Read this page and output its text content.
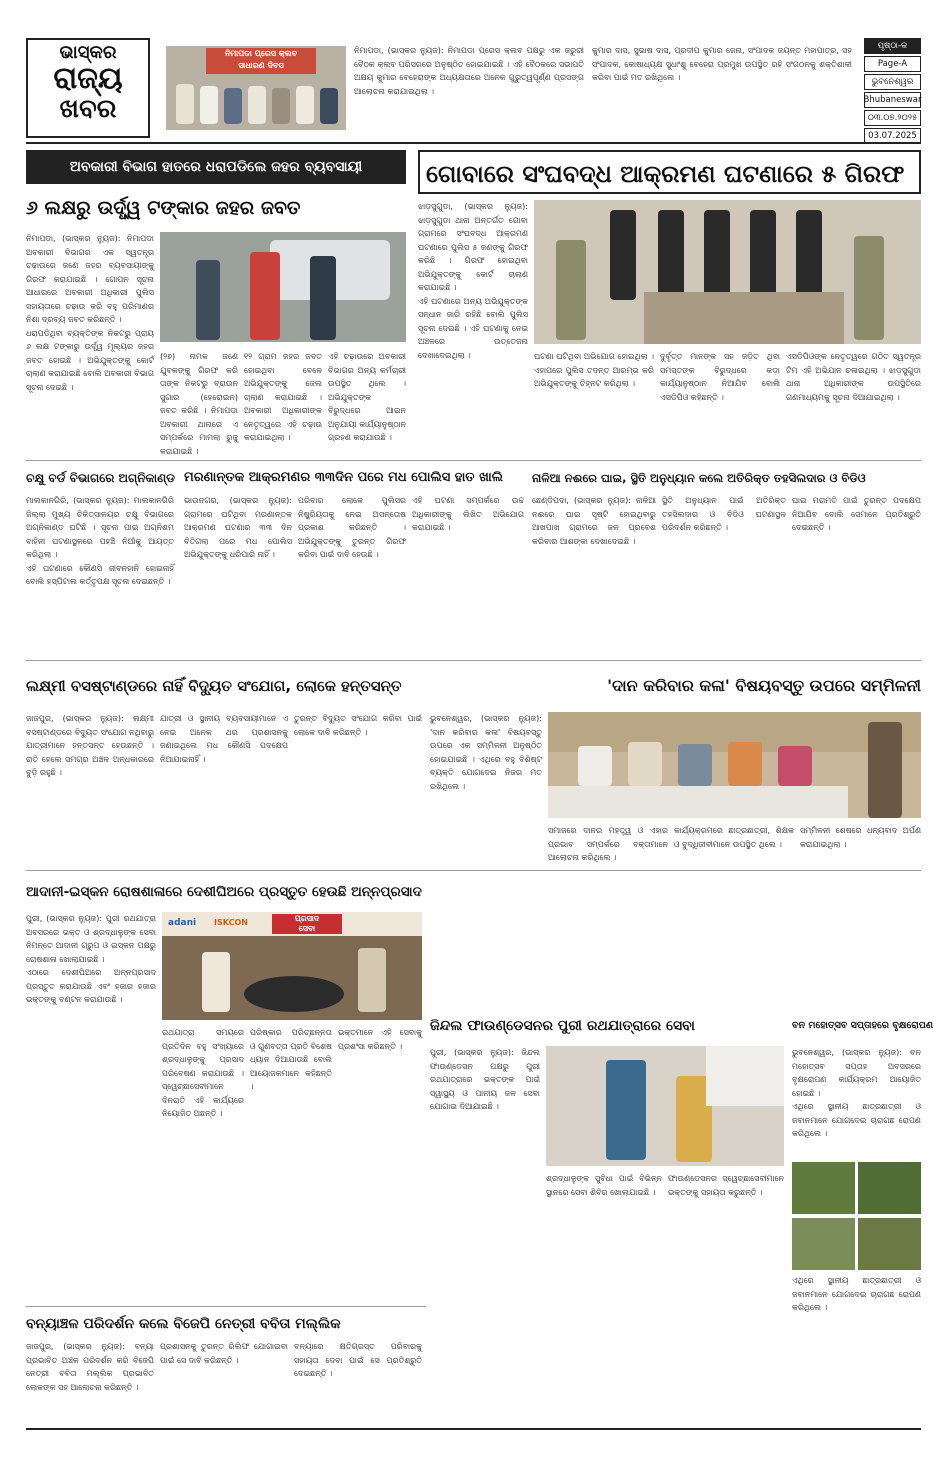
ଭାସ୍କର
ରାଜ୍ୟ
ଖବର
ନିମାପଡା ପ୍ରେସ କ୍ଲବ
ସାଧାରଣ ଦିବସ

ନିମାପଡା, (ଭାସ୍କର ନ୍ୟୁଜ): ନିମାପଡା ପ୍ରେସ କ୍ଲବ ପକ୍ଷରୁ ଏକ ଜରୁରୀ ବୈଠକ କ୍ଲବ ପରିସରରେ ଅନୁଷ୍ଠିତ ହୋଇଯାଇଛି । ଏହି ବୈଠକରେ ସଭାପତି ଅକ୍ଷୟ କୁମାର ବେହେରାଙ୍କ ଅଧ୍ୟକ୍ଷତାରେ ଅନେକ ଗୁରୁତ୍ୱପୂର୍ଣ୍ଣ ପ୍ରସଙ୍ଗ ଆଲୋଚନା କରାଯାଇଥିଲା ।

କୁମାର ଦାସ, ସୁଭାଷ ଦାସ, ପ୍ରଦୀପ କୁମାର ଜେନା, ସଂପାଦକ ଜୟନ୍ତ ମହାପାତ୍ର, ସହ ସଂପାଦକ, କୋଷାଧ୍ୟକ୍ଷ ସୁଧାଂଶୁ ବେହେରା ପ୍ରମୁଖ ଉପସ୍ଥିତ ରହି ସଂଗଠନକୁ ଶକ୍ତିଶାଳୀ କରିବା ପାଇଁ ମତ ରଖିଥିଲେ ।

ପୃଷ୍ଠା-କ
Page-A
ଭୁବନେଶ୍ୱର
Bhubaneswar
୦୩.୦୭.୨୦୨୫
03.07.2025
ଅବକାରୀ ବିଭାଗ ହାତରେ ଧରାପଡିଲେ ଜହର ବ୍ୟବସାୟୀ
୬ ଲକ୍ଷରୁ ଉର୍ଦ୍ଧ୍ୱ ଟଙ୍କାର ଜହର ଜବତ

ନିମାପଡା, (ଭାସ୍କର ନ୍ୟୁଜ): ନିମାପଡା ଅବକାରୀ ବିଭାଗର ଏକ ସ୍ୱତନ୍ତ୍ର ଚଢ଼ାଉରେ ଜଣେ ଜହର ବ୍ୟବସାୟୀଙ୍କୁ ଗିରଫ କରାଯାଇଛି । ଗୋପନ ସୂଚନା ଆଧାରରେ ଅବକାରୀ ଅଧିକାରୀ ପୁଲିସ ସହାୟତାରେ ଚଢ଼ାଉ କରି ବହୁ ପରିମାଣର ନିଶା ଦ୍ରବ୍ୟ ଜବତ କରିଛନ୍ତି ।

ଧରାପଡିଥିବା ବ୍ୟକ୍ତିଙ୍କ ନିକଟରୁ ପ୍ରାୟ ୬ ଲକ୍ଷ ଟଙ୍କାରୁ ଉର୍ଦ୍ଧ୍ୱ ମୂଲ୍ୟର ଜହର ଜବତ ହୋଇଛି । ଅଭିଯୁକ୍ତଙ୍କୁ କୋର୍ଟ ଚାଲାଣ କରାଯାଇଛି ବୋଲି ଅବକାରୀ ବିଭାଗ ସୂଚନା ଦେଇଛି ।

(୨୭) ନାମକ ଜଣେ ଯୁବକଙ୍କୁ ଗିରଫ କରି ତାଙ୍କ ନିକଟରୁ ବ୍ରାଉନ ସୁଗାର (ହେରୋଇନ) ଜବତ କରିଛି । ନିମାପଡା ଅବକାରୀ ଥାନାରେ ଏ ସମ୍ପର୍କରେ ମାମଲା ରୁଜୁ କରାଯାଇଛି ।

୧୨ ଗ୍ରାମ ଜହର ଜବତ ହୋଇଥିବା ବେଳେ ଅଭିଯୁକ୍ତଙ୍କୁ ଜେଲ ଚାଲାଣ କରାଯାଇଛି । ଅବକାରୀ ଅଧିକାରୀଙ୍କ ନେତୃତ୍ୱରେ ଏହି ଚଢ଼ାଉ କରାଯାଇଥିଲା ।

ଏହି ଚଢ଼ାଉରେ ଅବକାରୀ ବିଭାଗର ଅନ୍ୟ କର୍ମଚାରୀ ଉପସ୍ଥିତ ଥିଲେ । ଅଭିଯୁକ୍ତଙ୍କ ବିରୁଦ୍ଧରେ ଆଇନ ଅନୁଯାୟୀ କାର୍ଯ୍ୟାନୁଷ୍ଠାନ ଗ୍ରହଣ କରାଯାଉଛି ।

ଗୋବାରେ ସଂଘବଦ୍ଧ ଆକ୍ରମଣ ଘଟଣାରେ ୫ ଗିରଫ

ଝାଡ଼ସୁଗୁଡା, (ଭାସ୍କର ନ୍ୟୁଜ): ଝାଡ଼ସୁଗୁଡା ଥାନା ଅନ୍ତର୍ଗତ ଗୋବା ଗ୍ରାମରେ ସଂଘବଦ୍ଧ ଆକ୍ରମଣ ଘଟଣାରେ ପୁଲିସ ୫ ଜଣଙ୍କୁ ଗିରଫ କରିଛି । ଗିରଫ ହୋଇଥିବା ଅଭିଯୁକ୍ତଙ୍କୁ କୋର୍ଟ ଚାଲାଣ କରାଯାଇଛି ।

ଏହି ଘଟଣାରେ ଅନ୍ୟ ଅଭିଯୁକ୍ତଙ୍କ ସନ୍ଧାନ ଜାରି ରହିଛି ବୋଲି ପୁଲିସ ସୂଚନା ଦେଇଛି । ଏହି ଘଟଣାକୁ ନେଇ ଅଞ୍ଚଳରେ ଉତ୍ତେଜନା ଦେଖାଦେଇଥିଲା ।	ଘଟଣା ଘଟିଥିବା ଅଭିଯୋଗ ହୋଇଥିଲା । ଏହାପରେ ପୁଲିସ ତଦନ୍ତ ଆରମ୍ଭ କରି ଅଭିଯୁକ୍ତଙ୍କୁ ଚିହ୍ନଟ କରିଥିଲା ।

ଦୁର୍ବୃତ୍ତ ମାନଙ୍କ ସହ ଜଡ଼ିତ ଥିବା ସମସ୍ତଙ୍କ ବିରୁଦ୍ଧରେ କଡ଼ା କାର୍ଯ୍ୟାନୁଷ୍ଠାନ ନିଆଯିବ ବୋଲି ଏସଡିପିଓ କହିଛନ୍ତି ।

ଏସଡିପିଓଙ୍କ ନେତୃତ୍ୱରେ ଗଠିତ ସ୍ୱତନ୍ତ୍ର ଟିମ ଏହି ଅଭିଯାନ ଚଳାଇଥିଲା । ଝାଡ଼ସୁଗୁଡା ଥାନା ଅଧିକାରୀଙ୍କ ଉପସ୍ଥିତିରେ ଗଣମାଧ୍ୟମକୁ ସୂଚନା ଦିଆଯାଇଥିଲା ।

ଚକ୍ଷୁ ବର୍ଡ ବିଭାଗରେ ଅଗ୍ନିକାଣ୍ଡ

ମାଲକାନଗିରି, (ଭାସ୍କର ନ୍ୟୁଜ): ମାଲକାନଗିରି ଜିଲ୍ଲା ମୁଖ୍ୟ ଚିକିତ୍ସାଳୟର ଚକ୍ଷୁ ବିଭାଗରେ ଅଗ୍ନିକାଣ୍ଡ ଘଟିଛି । ସୂଚନା ପାଇ ଅଗ୍ନିଶମ ବାହିନୀ ଘଟଣାସ୍ଥଳରେ ପହଞ୍ଚି ନିଆଁକୁ ଆୟତ୍ତ କରିଥିଲା ।

ଏହି ଘଟଣାରେ କୌଣସି ଜୀବନହାନି ହୋଇନାହିଁ ବୋଲି ହସ୍ପିଟାଲ କର୍ତ୍ତୃପକ୍ଷ ସୂଚନା ଦେଇଛନ୍ତି ।

ମରଣାନ୍ତକ ଆକ୍ରମଣର ୩୩ଦିନ ପରେ ମଧ ପୋଲିସ ହାତ ଖାଲି

ଭାଉନଗର, (ଭାସ୍କର ନ୍ୟୁଜ): ଗ୍ରାମରେ ଘଟିଥିବା ମରଣାନ୍ତକ ଆକ୍ରମଣ ଘଟଣାର ୩୩ ଦିନ ବିତିଗଲା ପରେ ମଧ ପୋଲିସ ଅଭିଯୁକ୍ତଙ୍କୁ ଧରିପାରି ନାହିଁ ।

ପରିବାର ଲୋକେ ପୁଲିସର ନିଷ୍କ୍ରିୟତାକୁ ନେଇ ଅସନ୍ତୋଷ ପ୍ରକାଶ କରିଛନ୍ତି । ଅଭିଯୁକ୍ତଙ୍କୁ ତୁରନ୍ତ ଗିରଫ କରିବା ପାଇଁ ଦାବି ହେଉଛି ।

ଏହି ଘଟଣା ସମ୍ପର୍କରେ ଉଚ୍ଚ ଅଧିକାରୀଙ୍କୁ ଲିଖିତ ଅଭିଯୋଗ କରାଯାଇଛି ।

ନାଳିଆ ନଈରେ ଘାଇ, ସ୍ଥିତି ଅନୁଧ୍ୟାନ କଲେ ଅତିରିକ୍ତ ତହସିଲଦାର ଓ ବିଡିଓ

ଛେଣ୍ଡିପଦା, (ଭାସ୍କର ନ୍ୟୁଜ): ନାଳିଆ ନଈରେ ଘାଇ ସୃଷ୍ଟି ହୋଇଥିବାରୁ ଆଖପାଖ ଗ୍ରାମରେ ଜଳ ପ୍ରବେଶ କରିବାର ଆଶଙ୍କା ଦେଖାଦେଇଛି ।

ସ୍ଥିତି ଅନୁଧ୍ୟାନ ପାଇଁ ଅତିରିକ୍ତ ତହସିଲଦାର ଓ ବିଡିଓ ଘଟଣାସ୍ଥଳ ପରିଦର୍ଶନ କରିଛନ୍ତି ।

ଘାଇ ମରାମତି ପାଇଁ ତୁରନ୍ତ ପଦକ୍ଷେପ ନିଆଯିବ ବୋଲି ସେମାନେ ପ୍ରତିଶ୍ରୁତି ଦେଇଛନ୍ତି ।

ଲକ୍ଷ୍ମୀ ବସଷ୍ଟାଣ୍ଡରେ ନାହିଁ ବିଦ୍ୟୁତ ସଂଯୋଗ, ଲୋକେ ହନ୍ତସନ୍ତ	'ଦାନ କରିବାର କଳା' ବିଷୟବସ୍ତୁ ଉପରେ ସମ୍ମିଳନୀ

ଜାଜପୁର, (ଭାସ୍କର ନ୍ୟୁଜ): ଲକ୍ଷ୍ମୀ ବସଷ୍ଟାଣ୍ଡରେ ବିଦ୍ୟୁତ ସଂଯୋଗ ନଥିବାରୁ ଯାତ୍ରୀମାନେ ହନ୍ତସନ୍ତ ହେଉଛନ୍ତି । ରାତି ହେଲେ ସମଗ୍ର ଅଞ୍ଚଳ ଅନ୍ଧକାରରେ ବୁଡ଼ି ରହୁଛି ।

ଯାତ୍ରୀ ଓ ସ୍ଥାନୀୟ ବ୍ୟବସାୟୀମାନେ ଏ ନେଇ ଅନେକ ଥର ପ୍ରଶାସନକୁ ଜଣାଇଥିଲେ ମଧ କୌଣସି ପଦକ୍ଷେପ ନିଆଯାଇନାହିଁ ।

ତୁରନ୍ତ ବିଦ୍ୟୁତ ସଂଯୋଗ କରିବା ପାଇଁ ଲୋକେ ଦାବି କରିଛନ୍ତି ।

ଭୁବନେଶ୍ୱର, (ଭାସ୍କର ନ୍ୟୁଜ): 'ଦାନ କରିବାର କଳା' ବିଷୟବସ୍ତୁ ଉପରେ ଏକ ସମ୍ମିଳନୀ ଅନୁଷ୍ଠିତ ହୋଇଯାଇଛି । ଏଥିରେ ବହୁ ବିଶିଷ୍ଟ ବ୍ୟକ୍ତି ଯୋଗଦେଇ ନିଜର ମତ ରଖିଥିଲେ ।

ସମାଜରେ ଦାନର ମହତ୍ତ୍ୱ ଓ ଏହାର ପ୍ରଭାବ ସମ୍ପର୍କରେ ବକ୍ତାମାନେ ଆଲୋଚନା କରିଥିଲେ ।

କାର୍ଯ୍ୟକ୍ରମରେ ଛାତ୍ରଛାତ୍ରୀ, ଶିକ୍ଷକ ଓ ବୁଦ୍ଧିଜୀବୀମାନେ ଉପସ୍ଥିତ ଥିଲେ ।

ସମ୍ମିଳନୀ ଶେଷରେ ଧନ୍ୟବାଦ ଅର୍ପଣ କରାଯାଇଥିଲା ।

ଆଦାନୀ-ଇସ୍କନ ରୋଷଶାଳାରେ ଦେଶୀଘିଅରେ ପ୍ରସ୍ତୁତ ହେଉଛି ଅନ୍ନପ୍ରସାଦ

ପୁରୀ, (ଭାସ୍କର ନ୍ୟୁଜ): ପୁରୀ ରଥଯାତ୍ରା ଅବସରରେ ଭକ୍ତ ଓ ଶ୍ରଦ୍ଧାଳୁଙ୍କ ସେବା ନିମନ୍ତେ ଆଦାନୀ ଗ୍ରୁପ ଓ ଇସ୍କନ ପକ୍ଷରୁ ରୋଷଶାଳା ଖୋଲାଯାଇଛି ।

ଏଠାରେ ଦେଶୀଘିଅରେ ଅନ୍ନପ୍ରସାଦ ପ୍ରସ୍ତୁତ କରାଯାଉଛି ଏବଂ ହଜାର ହଜାର ଭକ୍ତଙ୍କୁ ବଣ୍ଟନ କରାଯାଉଛି ।

adani ISKCON	ପ୍ରସାଦ
ସେବା

ରଥଯାତ୍ରା ସମୟରେ ପ୍ରତିଦିନ ବହୁ ସଂଖ୍ୟାରେ ଶ୍ରଦ୍ଧାଳୁଙ୍କୁ ପ୍ରସାଦ ପରିବେଷଣ କରାଯାଉଛି । ସ୍ୱେଚ୍ଛାସେବୀମାନେ ଦିନରାତି ଏହି କାର୍ଯ୍ୟରେ ନିୟୋଜିତ ଅଛନ୍ତି ।

ପରିଷ୍କାର ପରିଚ୍ଛନ୍ନତା ଓ ଗୁଣବତ୍ତା ପ୍ରତି ବିଶେଷ ଧ୍ୟାନ ଦିଆଯାଉଛି ବୋଲି ଆୟୋଜକମାନେ କହିଛନ୍ତି ।

ଭକ୍ତମାନେ ଏହି ସେବାକୁ ପ୍ରଶଂସା କରିଛନ୍ତି ।

ଜିନ୍ଦଲ ଫାଉଣ୍ଡେସନର ପୁରୀ ରଥଯାତ୍ରାରେ ସେବା

ପୁରୀ, (ଭାସ୍କର ନ୍ୟୁଜ): ଜିନ୍ଦଲ ଫାଉଣ୍ଡେସନ ପକ୍ଷରୁ ପୁରୀ ରଥଯାତ୍ରାରେ ଭକ୍ତଙ୍କ ପାଇଁ ସ୍ୱାସ୍ଥ୍ୟ ଓ ପାନୀୟ ଜଳ ସେବା ଯୋଗାଇ ଦିଆଯାଇଛି ।

ଶ୍ରଦ୍ଧାଳୁଙ୍କ ସୁବିଧା ପାଇଁ ବିଭିନ୍ନ ସ୍ଥାନରେ ସେବା ଶିବିର ଖୋଲାଯାଇଛି ।

ଫାଉଣ୍ଡେସନର ସ୍ୱେଚ୍ଛାସେବୀମାନେ ଭକ୍ତଙ୍କୁ ସହାୟତା କରୁଛନ୍ତି ।

ବନ ମହୋତ୍ସବ ସପ୍ତାହରେ ବୃକ୍ଷରୋପଣ

ଭୁବନେଶ୍ୱର, (ଭାସ୍କର ନ୍ୟୁଜ): ବନ ମହୋତ୍ସବ ସପ୍ତାହ ଅବସରରେ ବୃକ୍ଷରୋପଣ କାର୍ଯ୍ୟକ୍ରମ ଆୟୋଜିତ ହୋଇଛି ।

ଏଥିରେ ସ୍ଥାନୀୟ ଛାତ୍ରଛାତ୍ରୀ ଓ ଜବାନମାନେ ଯୋଗଦେଇ ଚାରାଗଛ ରୋପଣ କରିଥିଲେ ।

ଏଥିରେ ସ୍ଥାନୀୟ ଛାତ୍ରଛାତ୍ରୀ ଓ ଜବାନମାନେ ଯୋଗଦେଇ ଚାରାଗଛ ରୋପଣ କରିଥିଲେ ।

ବନ୍ୟାଞ୍ଚଳ ପରିଦର୍ଶନ କଲେ ବିଜେପି ନେତ୍ରୀ ବବିତା ମଲ୍ଲିକ

ଜାଜପୁର, (ଭାସ୍କର ନ୍ୟୁଜ): ବନ୍ୟା ପ୍ରଭାବିତ ଅଞ୍ଚଳ ପରିଦର୍ଶନ କରି ବିଜେପି ନେତ୍ରୀ ବବିତା ମଲ୍ଲିକ ପ୍ରଭାବିତ ଲୋକଙ୍କ ସହ ଆଲୋଚନା କରିଛନ୍ତି ।

ପ୍ରଶାସନକୁ ତୁରନ୍ତ ରିଲିଫ ଯୋଗାଇବା ପାଇଁ ସେ ଦାବି କରିଛନ୍ତି ।

ବନ୍ୟାରେ କ୍ଷତିଗ୍ରସ୍ତ ପରିବାରକୁ ସହାୟତା ଦେବା ପାଇଁ ସେ ପ୍ରତିଶ୍ରୁତି ଦେଇଛନ୍ତି ।
